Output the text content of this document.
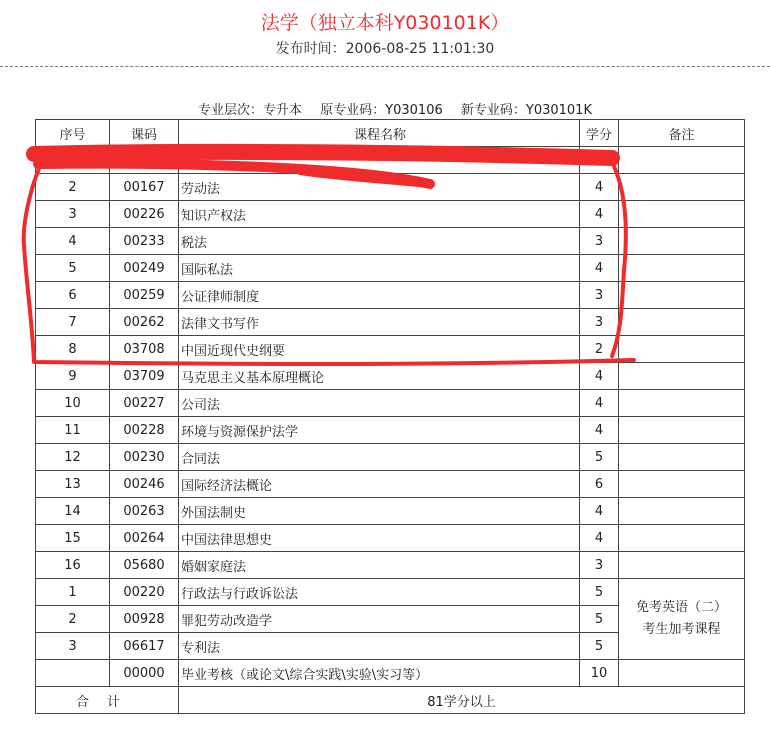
法学（独立本科Y030101K）
发布时间：2006-08-25 11:01:30
专业层次：专升本 原专业码：Y030106 新专业码：Y030101K
序号	课码	课程名称	学分	备注

2	00167	劳动法	4	
3	00226	知识产权法	4	
4	00233	税法	3	
5	00249	国际私法	4	
6	00259	公证律师制度	3	
7	00262	法律文书写作	3	
8	03708	中国近现代史纲要	2	
9	03709	马克思主义基本原理概论	4	
10	00227	公司法	4	
11	00228	环境与资源保护法学	4	
12	00230	合同法	5	
13	00246	国际经济法概论	6	
14	00263	外国法制史	4	
15	00264	中国法律思想史	4	
16	05680	婚姻家庭法	3	
1	00220	行政法与行政诉讼法	5	免考英语（二）
考生加考课程

2	00928	罪犯劳动改造学	5	
3	06617	专利法	5	
	00000	毕业考核（或论文\综合实践\实验\实习等）	10	
合计		81学分以上		
